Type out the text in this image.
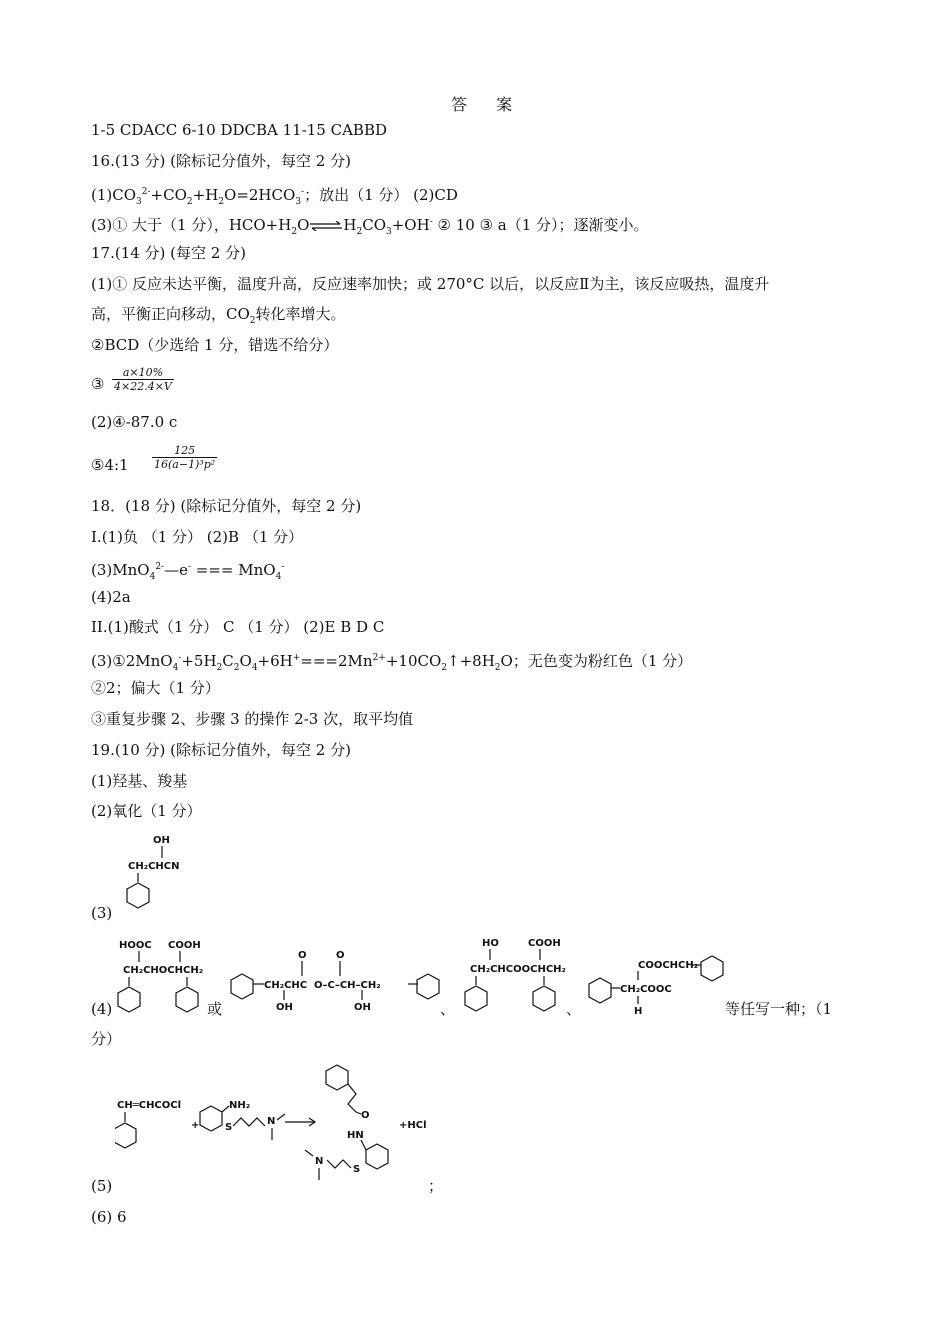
答 案
1-5 CDACC 6-10 DDCBA 11-15 CABBD
16.(13 分) (除标记分值外，每空 2 分)
$(1)CO_3^{2-}+CO_2+H_2O=2HCO_3^-$；放出（1 分） (2)CD
(3)① 大于（1 分），$HCO+H_2O\rightleftharpoons H_2CO_3+OH^-$ ② 10 ③ a（1 分）；逐渐变小。
17.(14 分) (每空 2 分)
(1)① 反应未达平衡，温度升高，反应速率加快；或 270°C 以后，以反应Ⅱ为主，该反应吸热，温度升
高，平衡正向移动，$CO_2$转化率增大。
②BCD（少选给 1 分，错选不给分）
③ $\frac{a\times 10\%}{4\times 22.4\times V}$
(2)④-87.0 c
⑤4:1 $\frac{125}{\text{16(a−1)³p²}}$
18．(18 分) (除标记分值外，每空 2 分)
I.(1)负 （1 分） (2)B （1 分）
(3)MnO$_4^{2-}$—e- === MnO$_4$-
(4)2a
II.(1)酸式（1 分） C （1 分） (2)E B D C
$(3)①2MnO_4^-+5H_2C_2O_4+6H^+===2Mn^{2+}+10CO_2↑+8H_2O$；无色变为粉红色（1 分）
②2；偏大（1 分）
③重复步骤 2、步骤 3 的操作 2-3 次，取平均值
19.(10 分) (除标记分值外，每空 2 分)
(1)羟基、羧基
(2)氧化（1 分）
OH
CH₂CHCN
(3)
HOOC COOH
CH₂CHOCHCH₂
(4)	或
CH₂CHC
O
OH
O–C–CH–CH₂
O
OH
HO	COOH
CH₂CHCOOCHCH₂	COOCHCH₂
CH₂COOC
H
、	、	等任写一种；（1
分）
CH═CHCOCl
+
NH₂
S
N
O
HN
S
N
+HCl
(5)	；
(6) 6
